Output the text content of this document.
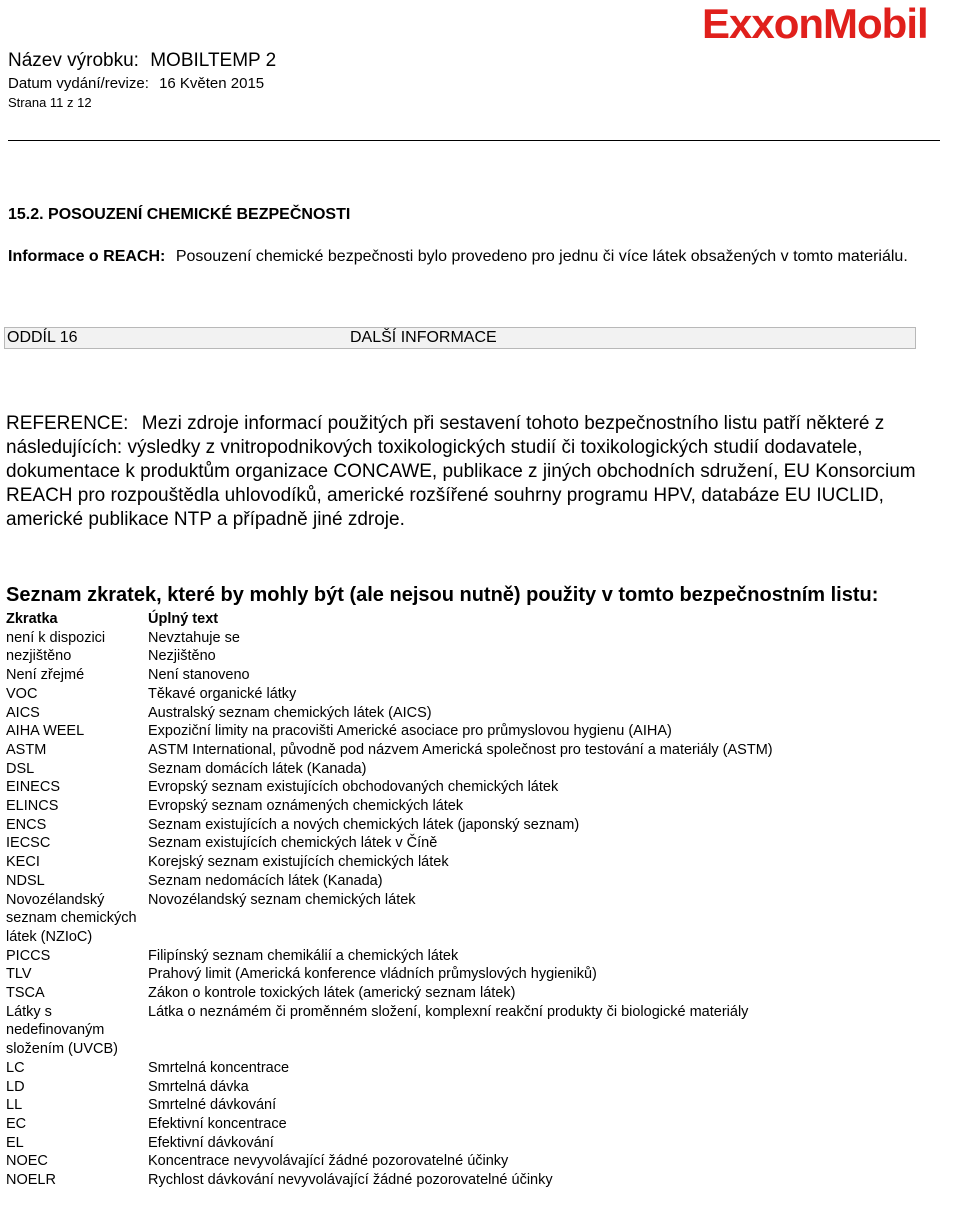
Název výrobku: MOBILTEMP 2
Datum vydání/revize: 16 Květen 2015
Strana 11 z 12
ExxonMobil
15.2. POSOUZENÍ CHEMICKÉ BEZPEČNOSTI
Informace o REACH: Posouzení chemické bezpečnosti bylo provedeno pro jednu či více látek obsažených v tomto materiálu.
ODDÍL 16	DALŠÍ INFORMACE
REFERENCE: Mezi zdroje informací použitých při sestavení tohoto bezpečnostního listu patří některé z následujících: výsledky z vnitropodnikových toxikologických studií či toxikologických studií dodavatele, dokumentace k produktům organizace CONCAWE, publikace z jiných obchodních sdružení, EU Konsorcium REACH pro rozpouštědla uhlovodíků, americké rozšířené souhrny programu HPV, databáze EU IUCLID, americké publikace NTP a případně jiné zdroje.
Seznam zkratek, které by mohly být (ale nejsou nutně) použity v tomto bezpečnostním listu:
Zkratka	Úplný text
není k dispozici	Nevztahuje se
nezjištěno	Nezjištěno
Není zřejmé	Není stanoveno
VOC	Těkavé organické látky
AICS	Australský seznam chemických látek (AICS)
AIHA WEEL	Expoziční limity na pracovišti Americké asociace pro průmyslovou hygienu (AIHA)
ASTM	ASTM International, původně pod názvem Americká společnost pro testování a materiály (ASTM)
DSL	Seznam domácích látek (Kanada)
EINECS	Evropský seznam existujících obchodovaných chemických látek
ELINCS	Evropský seznam oznámených chemických látek
ENCS	Seznam existujících a nových chemických látek (japonský seznam)
IECSC	Seznam existujících chemických látek v Číně
KECI	Korejský seznam existujících chemických látek
NDSL	Seznam nedomácích látek (Kanada)
Novozélandský seznam chemických látek (NZIoC)	Novozélandský seznam chemických látek
PICCS	Filipínský seznam chemikálií a chemických látek
TLV	Prahový limit (Americká konference vládních průmyslových hygieniků)
TSCA	Zákon o kontrole toxických látek (americký seznam látek)
Látky s nedefinovaným složením (UVCB)	Látka o neznámém či proměnném složení, komplexní reakční produkty či biologické materiály
LC	Smrtelná koncentrace
LD	Smrtelná dávka
LL	Smrtelné dávkování
EC	Efektivní koncentrace
EL	Efektivní dávkování
NOEC	Koncentrace nevyvolávající žádné pozorovatelné účinky
NOELR	Rychlost dávkování nevyvolávající žádné pozorovatelné účinky
